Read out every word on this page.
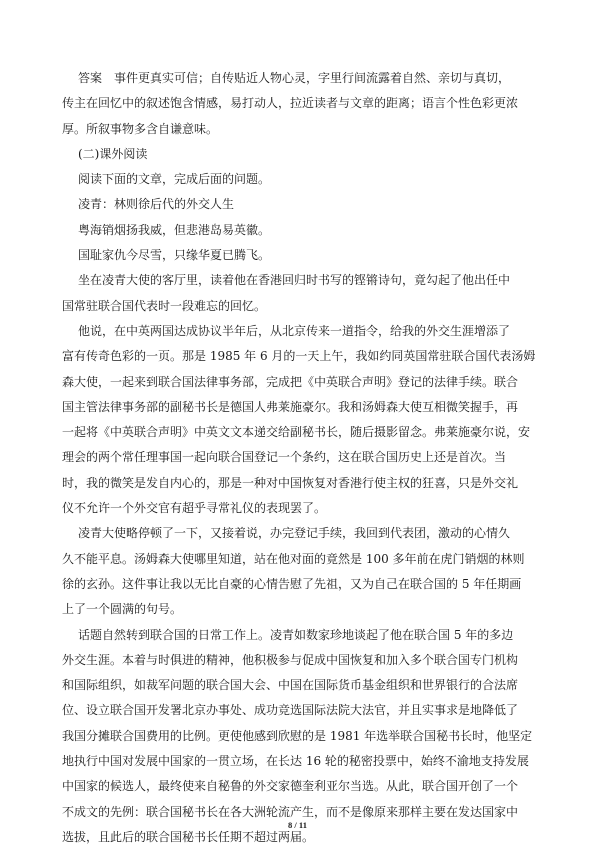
答案　事件更真实可信；自传贴近人物心灵，字里行间流露着自然、亲切与真切，
传主在回忆中的叙述饱含情感，易打动人，拉近读者与文章的距离；语言个性色彩更浓
厚。所叙事物多含自谦意味。
(二)课外阅读
阅读下面的文章，完成后面的问题。
凌青：林则徐后代的外交人生
粤海销烟扬我威，但悲港岛易英徽。
国耻家仇今尽雪，只缘华夏已腾飞。
坐在凌青大使的客厅里，读着他在香港回归时书写的铿锵诗句，竟勾起了他出任中
国常驻联合国代表时一段难忘的回忆。
他说，在中英两国达成协议半年后，从北京传来一道指令，给我的外交生涯增添了
富有传奇色彩的一页。那是 1985 年 6 月的一天上午，我如约同英国常驻联合国代表汤姆
森大使，一起来到联合国法律事务部，完成把《中英联合声明》登记的法律手续。联合
国主管法律事务部的副秘书长是德国人弗莱施豪尔。我和汤姆森大使互相微笑握手，再
一起将《中英联合声明》中英文文本递交给副秘书长，随后摄影留念。弗莱施豪尔说，安
理会的两个常任理事国一起向联合国登记一个条约，这在联合国历史上还是首次。当
时，我的微笑是发自内心的，那是一种对中国恢复对香港行使主权的狂喜，只是外交礼
仪不允许一个外交官有超乎寻常礼仪的表现罢了。
凌青大使略停顿了一下，又接着说，办完登记手续，我回到代表团，激动的心情久
久不能平息。汤姆森大使哪里知道，站在他对面的竟然是 100 多年前在虎门销烟的林则
徐的玄孙。这件事让我以无比自豪的心情告慰了先祖，又为自己在联合国的 5 年任期画
上了一个圆满的句号。
话题自然转到联合国的日常工作上。凌青如数家珍地谈起了他在联合国 5 年的多边
外交生涯。本着与时俱进的精神，他积极参与促成中国恢复和加入多个联合国专门机构
和国际组织，如裁军问题的联合国大会、中国在国际货币基金组织和世界银行的合法席
位、设立联合国开发署北京办事处、成功竞选国际法院大法官，并且实事求是地降低了
我国分摊联合国费用的比例。更使他感到欣慰的是 1981 年选举联合国秘书长时，他坚定
地执行中国对发展中国家的一贯立场，在长达 16 轮的秘密投票中，始终不渝地支持发展
中国家的候选人，最终使来自秘鲁的外交家德奎利亚尔当选。从此，联合国开创了一个
不成文的先例：联合国秘书长在各大洲轮流产生，而不是像原来那样主要在发达国家中
选拔，且此后的联合国秘书长任期不超过两届。
8 / 11
